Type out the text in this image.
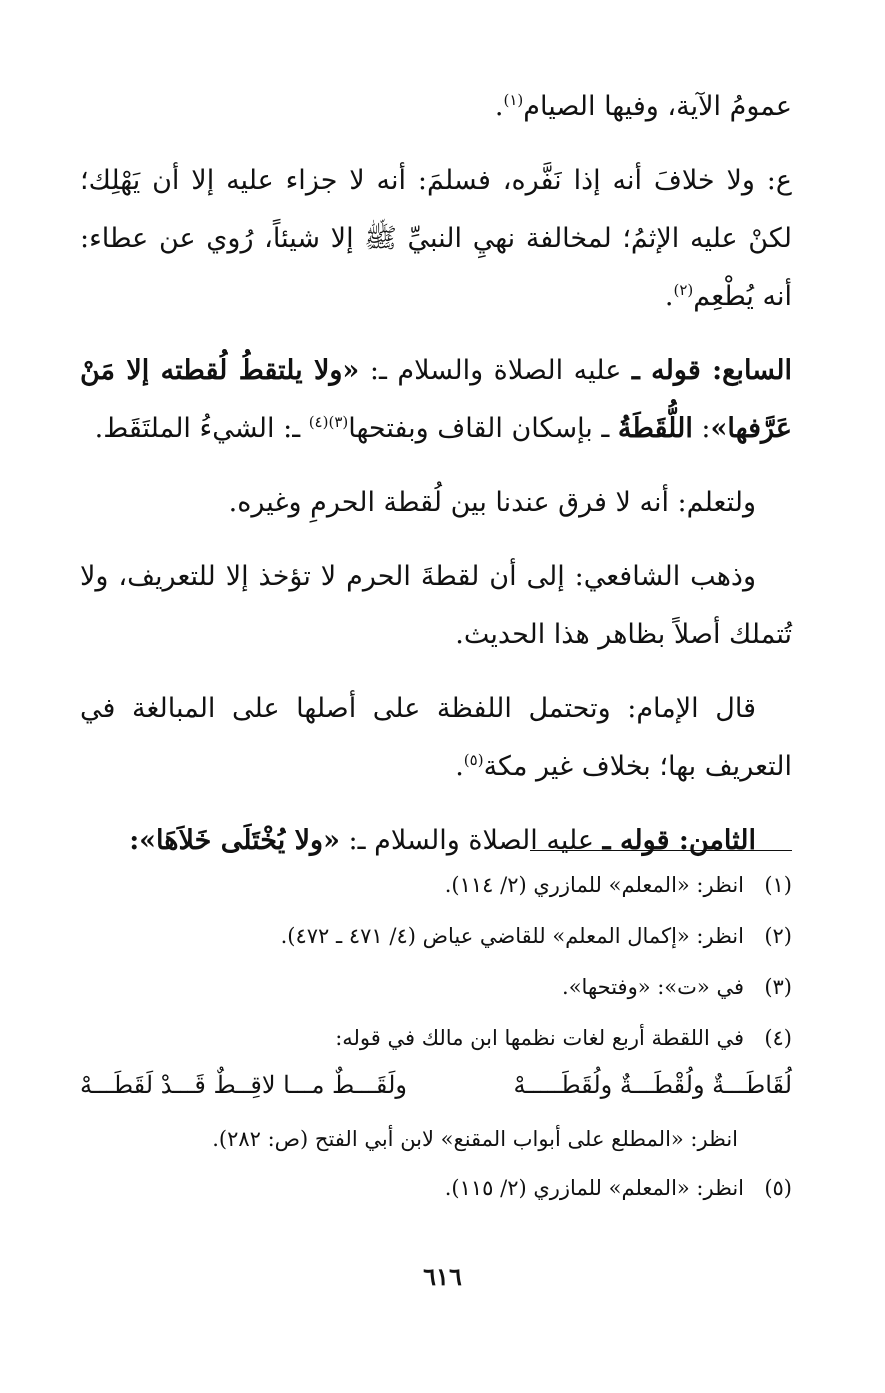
عمومُ الآية، وفيها الصيام$^{(١)}$.

ع: ولا خلافَ أنه إذا نَفَّره، فسلمَ: أنه لا جزاء عليه إلا أن يَهْلِك؛ لكنْ عليه الإثمُ؛ لمخالفة نهيِ النبيِّ ﷺ إلا شيئاً، رُوي عن عطاء: أنه يُطْعِم$^{(٢)}$.

السابع: قوله ـ عليه الصلاة والسلام ـ: «ولا يلتقطُ لُقطته إلا مَنْ عَرَّفها»: اللُّقَطَةُ ـ بإسكان القاف وبفتحها$^{(٣)(٤)}$ ـ: الشيءُ الملتَقَط.

ولتعلم: أنه لا فرق عندنا بين لُقطة الحرمِ وغيره.

وذهب الشافعي: إلى أن لقطةَ الحرم لا تؤخذ إلا للتعريف، ولا تُتملك أصلاً بظاهر هذا الحديث.

قال الإمام: وتحتمل اللفظة على أصلها على المبالغة في التعريف بها؛ بخلاف غير مكة$^{(٥)}$.

الثامن: قوله ـ عليه الصلاة والسلام ـ: «ولا يُخْتَلَى خَلاَهَا»:

(١)
انظر: «المعلم» للمازري (٢/ ١١٤).
(٢)
انظر: «إكمال المعلم» للقاضي عياض (٤/ ٤٧١ ـ ٤٧٢).
(٣)
في «ت»: «وفتحها».
(٤)
في اللقطة أربع لغات نظمها ابن مالك في قوله:
لُقَاطَـــةٌ ولُقْطَـــةٌ ولُقَطَـــــهْ
ولَقَـــطٌ مـــا لاقِــطٌ قَـــدْ لَقَطَـــهْ
انظر: «المطلع على أبواب المقنع» لابن أبي الفتح (ص: ٢٨٢).
(٥)
انظر: «المعلم» للمازري (٢/ ١١٥).
٦١٦
